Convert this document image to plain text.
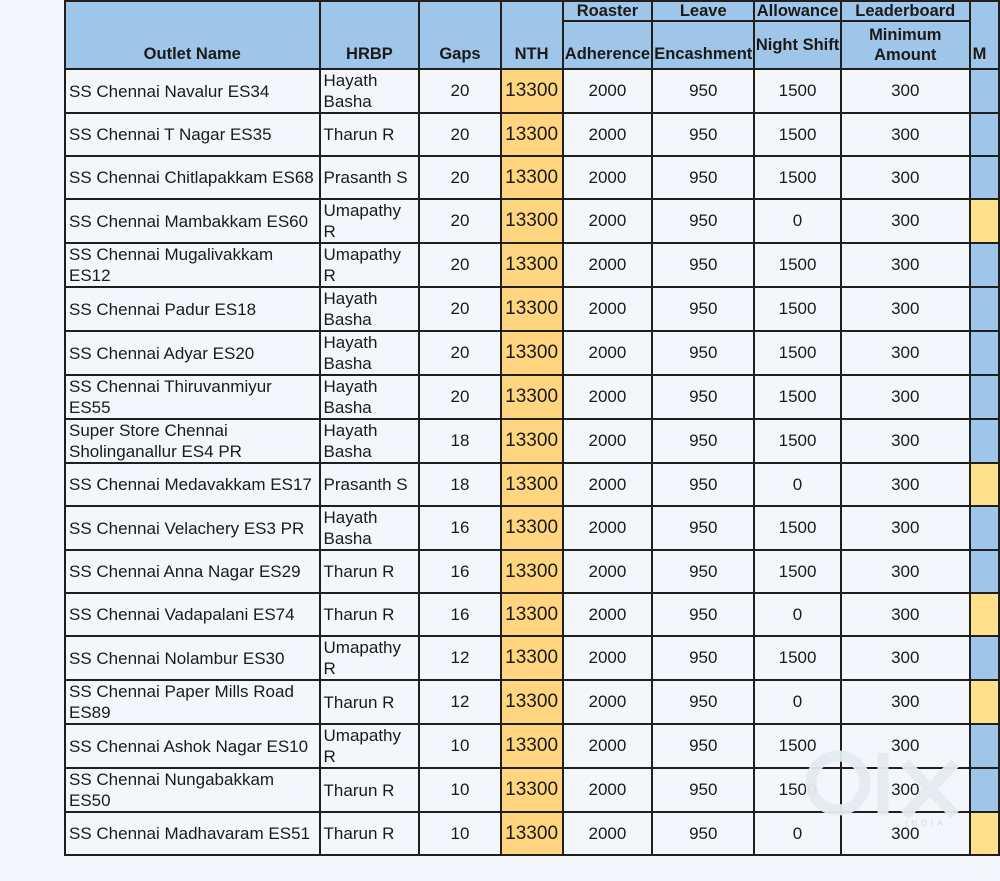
Outlet Name	HRBP	Gaps	NTH	Roaster	Leave	Allowance	Leaderboard	M
				Adherence	Encashment	Night Shift	Minimum Amount	
SS Chennai Navalur ES34	Hayath Basha	20	13300	2000	950	1500	300	
SS Chennai T Nagar ES35	Tharun R	20	13300	2000	950	1500	300	
SS Chennai Chitlapakkam ES68	Prasanth S	20	13300	2000	950	1500	300	
SS Chennai Mambakkam ES60	Umapathy R	20	13300	2000	950	0	300	
SS Chennai Mugalivakkam ES12	Umapathy R	20	13300	2000	950	1500	300	
SS Chennai Padur ES18	Hayath Basha	20	13300	2000	950	1500	300	
SS Chennai Adyar ES20	Hayath Basha	20	13300	2000	950	1500	300	
SS Chennai Thiruvanmiyur ES55	Hayath Basha	20	13300	2000	950	1500	300	
Super Store Chennai Sholinganallur ES4 PR	Hayath Basha	18	13300	2000	950	1500	300	
SS Chennai Medavakkam ES17	Prasanth S	18	13300	2000	950	0	300	
SS Chennai Velachery ES3 PR	Hayath Basha	16	13300	2000	950	1500	300	
SS Chennai Anna Nagar ES29	Tharun R	16	13300	2000	950	1500	300	
SS Chennai Vadapalani ES74	Tharun R	16	13300	2000	950	0	300	
SS Chennai Nolambur ES30	Umapathy R	12	13300	2000	950	1500	300	
SS Chennai Paper Mills Road ES89	Tharun R	12	13300	2000	950	0	300	
SS Chennai Ashok Nagar ES10	Umapathy R	10	13300	2000	950	1500	300	
SS Chennai Nungabakkam ES50	Tharun R	10	13300	2000	950	1500	300	
SS Chennai Madhavaram ES51	Tharun R	10	13300	2000	950	0	300	
INDIA
